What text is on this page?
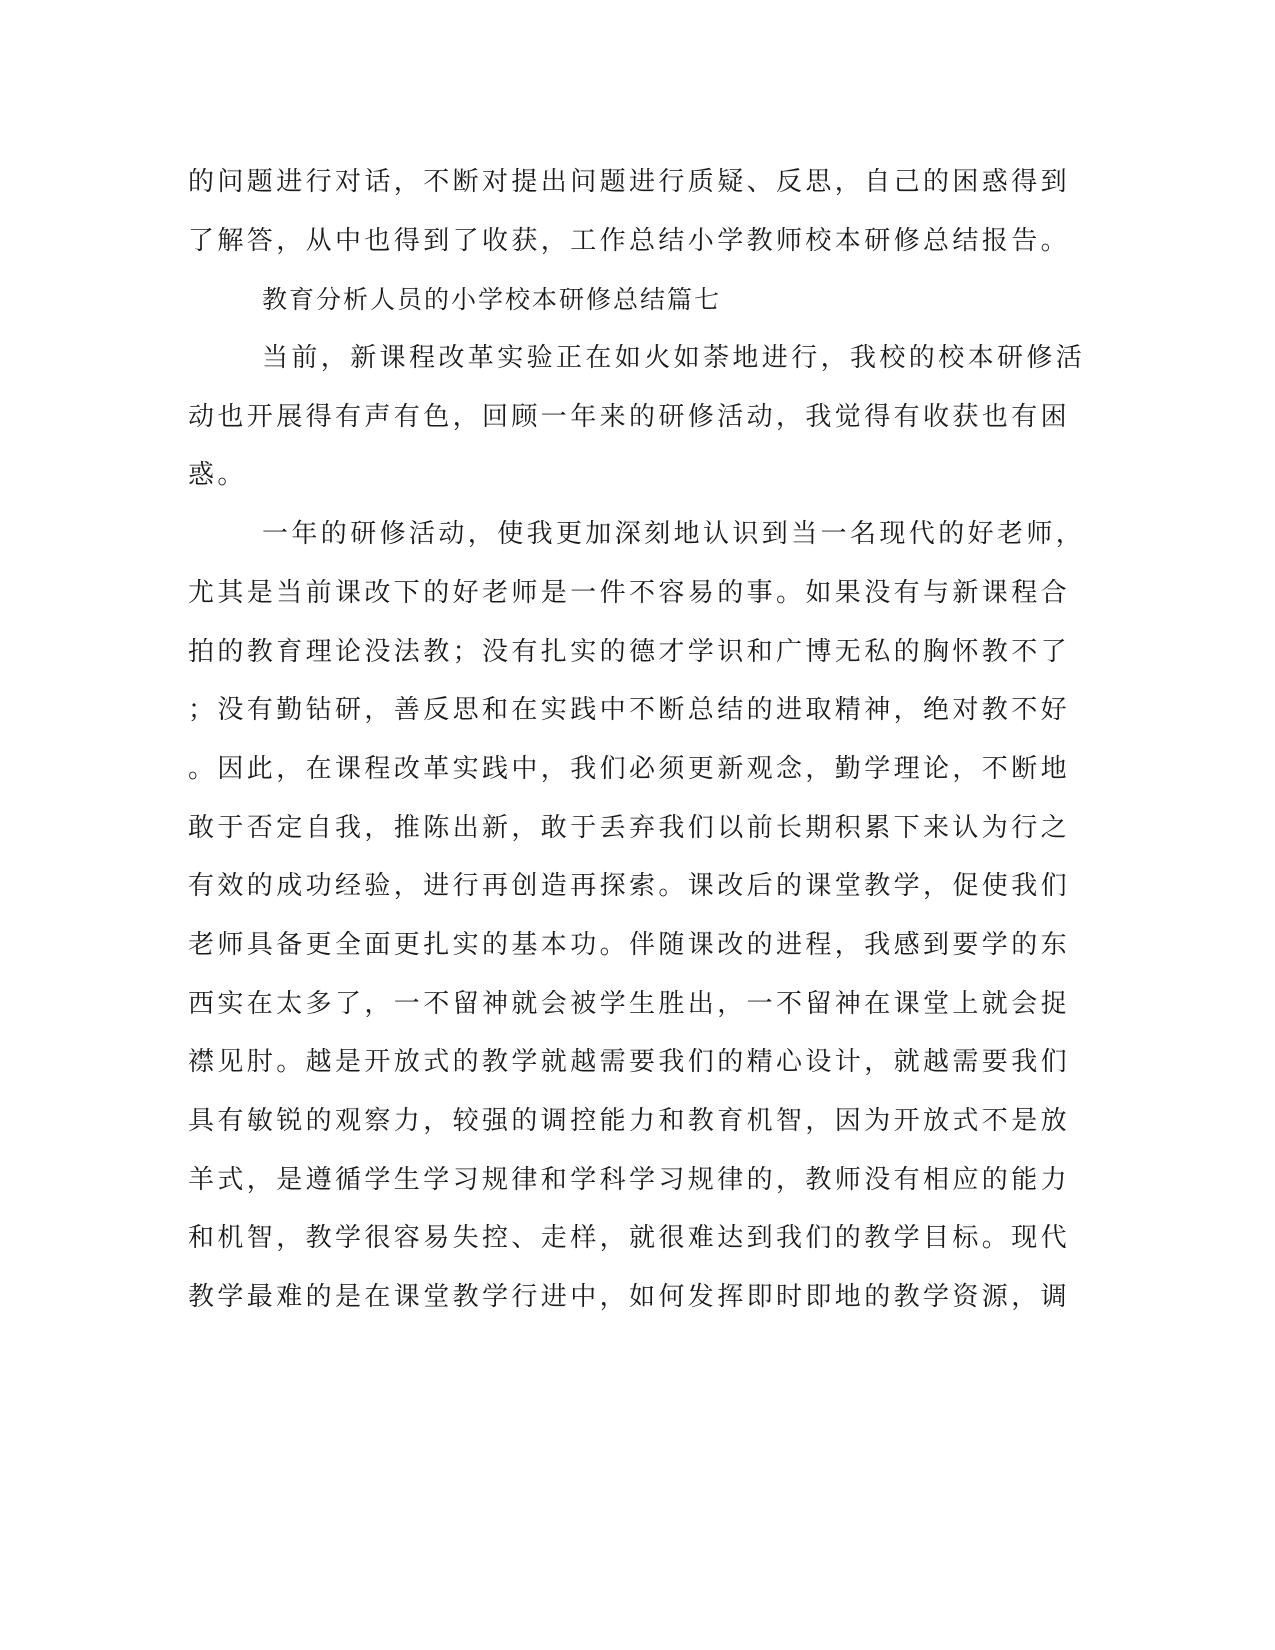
的问题进行对话，不断对提出问题进行质疑、反思，自己的困惑得到
了解答，从中也得到了收获，工作总结小学教师校本研修总结报告。
教育分析人员的小学校本研修总结篇七
当前，新课程改革实验正在如火如荼地进行，我校的校本研修活
动也开展得有声有色，回顾一年来的研修活动，我觉得有收获也有困
惑。
一年的研修活动，使我更加深刻地认识到当一名现代的好老师，
尤其是当前课改下的好老师是一件不容易的事。如果没有与新课程合
拍的教育理论没法教；没有扎实的德才学识和广博无私的胸怀教不了
；没有勤钻研，善反思和在实践中不断总结的进取精神，绝对教不好
。因此，在课程改革实践中，我们必须更新观念，勤学理论，不断地
敢于否定自我，推陈出新，敢于丢弃我们以前长期积累下来认为行之
有效的成功经验，进行再创造再探索。课改后的课堂教学，促使我们
老师具备更全面更扎实的基本功。伴随课改的进程，我感到要学的东
西实在太多了，一不留神就会被学生胜出，一不留神在课堂上就会捉
襟见肘。越是开放式的教学就越需要我们的精心设计，就越需要我们
具有敏锐的观察力，较强的调控能力和教育机智，因为开放式不是放
羊式，是遵循学生学习规律和学科学习规律的，教师没有相应的能力
和机智，教学很容易失控、走样，就很难达到我们的教学目标。现代
教学最难的是在课堂教学行进中，如何发挥即时即地的教学资源，调
